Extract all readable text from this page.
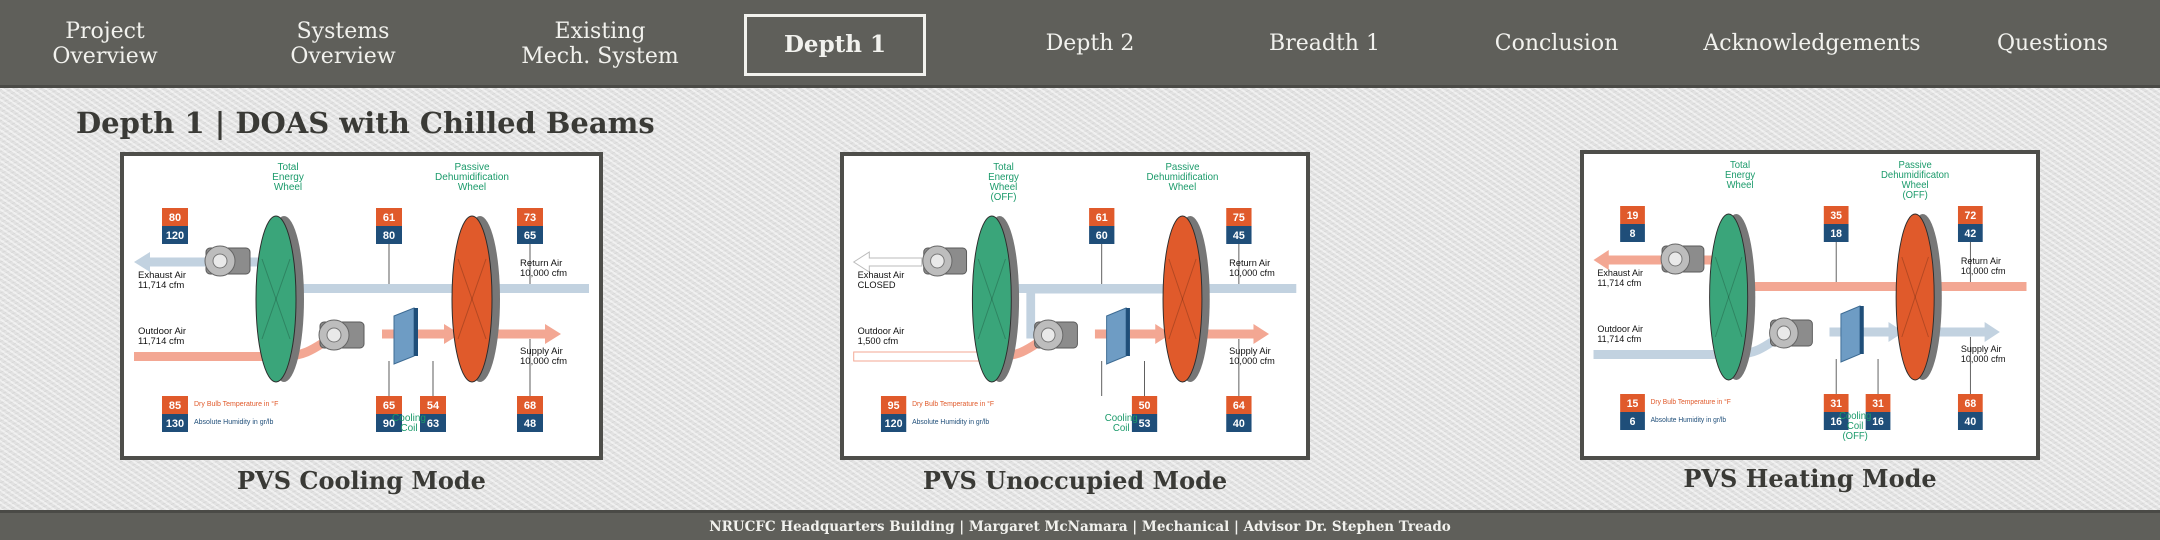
Project
Overview
Systems
Overview
Existing
Mech. System	Depth 1	Depth 2	Breadth 1	Conclusion	Acknowledgements	Questions
Depth 1 | DOAS with Chilled Beams
80
120
61
80
73
65
85
130
65
90
54
63
68
48
Total Energy Wheel
Passive Dehumidification Wheel
Exhaust Air 11,714 cfm
Outdoor Air 11,714 cfm
Return Air 10,000 cfm
Supply Air 10,000 cfm
Cooling Coil
Dry Bulb Temperature in °F
Absolute Humidity in gr/lb
PVS Cooling Mode
61
60
75
45
95
120
50
53
64
40
Total Energy Wheel (OFF)
Passive Dehumidification Wheel
Exhaust Air CLOSED
Outdoor Air 1,500 cfm
Return Air 10,000 cfm
Supply Air 10,000 cfm
Cooling Coil
Dry Bulb Temperature in °F
Absolute Humidity in gr/lb
PVS Unoccupied Mode
19
8
35
18
72
42
15
6
31
16
31
16
68
40
Total Energy Wheel
Passive Dehumidificaton Wheel (OFF)
Exhaust Air 11,714 cfm
Outdoor Air 11,714 cfm
Return Air 10,000 cfm
Supply Air 10,000 cfm
Cooling Coil (OFF)
Dry Bulb Temperature in °F
Absolute Humidity in gr/lb
PVS Heating Mode
NRUCFC Headquarters Building | Margaret McNamara | Mechanical | Advisor Dr. Stephen Treado
